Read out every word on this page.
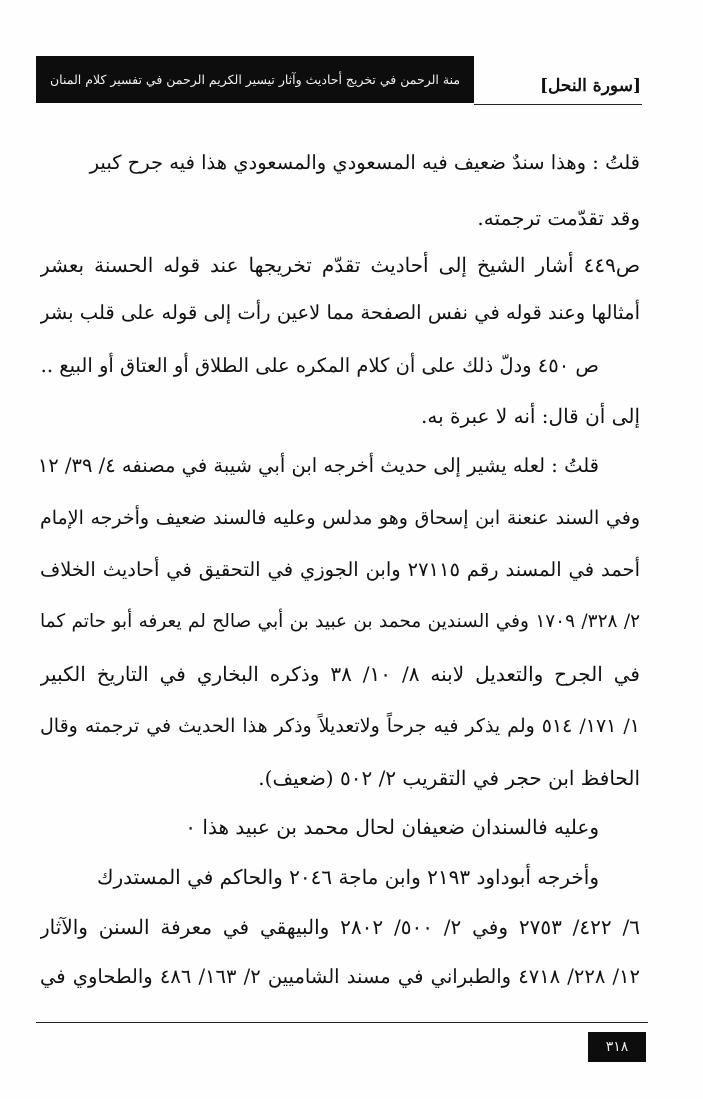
منة الرحمن في تخريج أحاديث وآثار تيسير الكريم الرحمن في تفسير كلام المنان	[سورة النحل]
قلتُ : وهذا سندٌ ضعيف فيه المسعودي والمسعودي هذا فيه جرح كبير
وقد تقدّمت ترجمته.
ص٤٤٩ أشار الشيخ إلى أحاديث تقدّم تخريجها عند قوله الحسنة بعشر
أمثالها وعند قوله في نفس الصفحة مما لاعين رأت إلى قوله على قلب بشر
ص ٤٥٠ ودلّ ذلك على أن كلام المكره على الطلاق أو العتاق أو البيع ..
إلى أن قال: أنه لا عبرة به.
قلتُ : لعله يشير إلى حديث أخرجه ابن أبي شيبة في مصنفه ٤/ ٣٩/ ١٢
وفي السند عنعنة ابن إسحاق وهو مدلس وعليه فالسند ضعيف وأخرجه الإمام
أحمد في المسند رقم ٢٧١١٥ وابن الجوزي في التحقيق في أحاديث الخلاف
٢/ ٣٢٨/ ١٧٠٩ وفي السندين محمد بن عبيد بن أبي صالح لم يعرفه أبو حاتم كما
في الجرح والتعديل لابنه ٨/ ١٠/ ٣٨ وذكره البخاري في التاريخ الكبير
١/ ١٧١/ ٥١٤ ولم يذكر فيه جرحاً ولاتعديلاً وذكر هذا الحديث في ترجمته وقال
الحافظ ابن حجر في التقريب ٢/ ٥٠٢ (ضعيف).
وعليه فالسندان ضعيفان لحال محمد بن عبيد هذا ٠
وأخرجه أبوداود ٢١٩٣ وابن ماجة ٢٠٤٦ والحاكم في المستدرك
٦/ ٤٢٢/ ٢٧٥٣ وفي ٢/ ٥٠٠/ ٢٨٠٢ والبيهقي في معرفة السنن والآثار
١٢/ ٢٢٨/ ٤٧١٨ والطبراني في مسند الشاميين ٢/ ١٦٣/ ٤٨٦ والطحاوي في
٣١٨
